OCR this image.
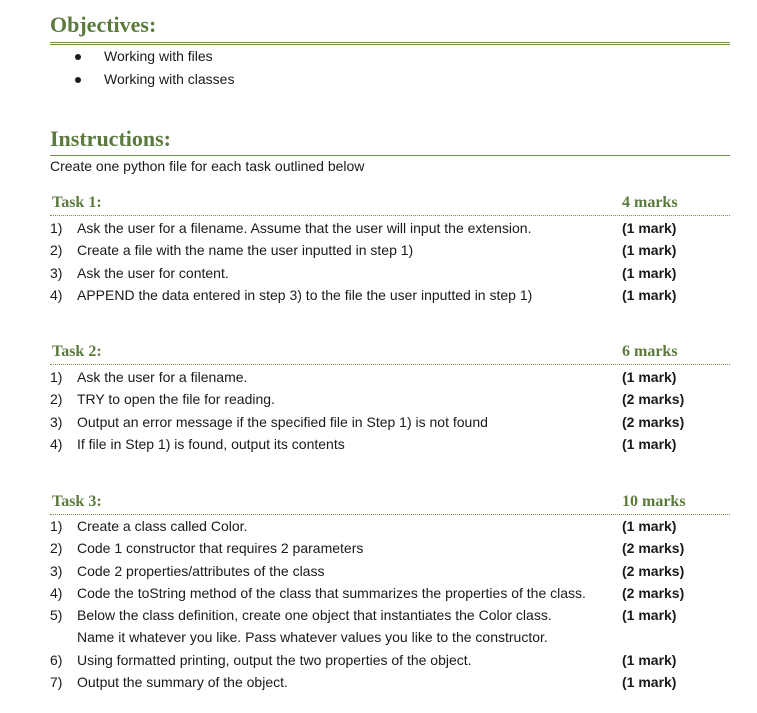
Objectives:
Working with files
Working with classes
Instructions:
Create one python file for each task outlined below
Task 1:	4 marks
1)	Ask the user for a filename. Assume that the user will input the extension.	(1 mark)
2)	Create a file with the name the user inputted in step 1)	(1 mark)
3)	Ask the user for content.	(1 mark)
4)	APPEND the data entered in step 3) to the file the user inputted in step 1)	(1 mark)
Task 2:	6 marks
1)	Ask the user for a filename.	(1 mark)
2)	TRY to open the file for reading.	(2 marks)
3)	Output an error message if the specified file in Step 1) is not found	(2 marks)
4)	If file in Step 1) is found, output its contents	(1 mark)
Task 3:	10 marks
1)	Create a class called Color.	(1 mark)
2)	Code 1 constructor that requires 2 parameters	(2 marks)
3)	Code 2 properties/attributes of the class	(2 marks)
4)	Code the toString method of the class that summarizes the properties of the class.	(2 marks)
5)	Below the class definition, create one object that instantiates the Color class.	(1 mark)
Name it whatever you like. Pass whatever values you like to the constructor.
6)	Using formatted printing, output the two properties of the object.	(1 mark)
7)	Output the summary of the object.	(1 mark)
